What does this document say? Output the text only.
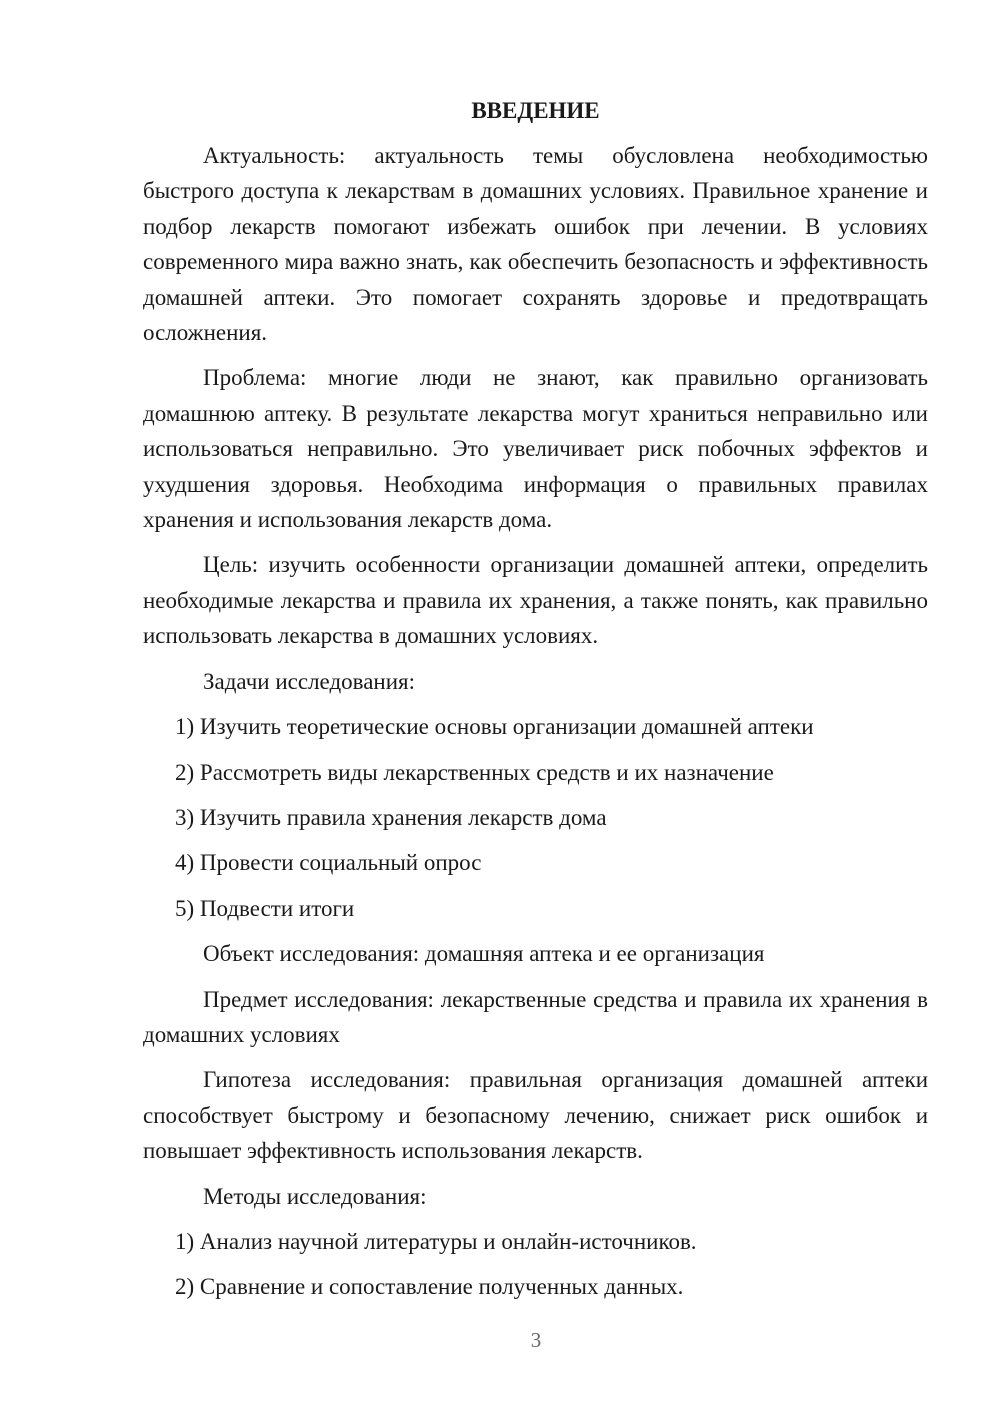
ВВЕДЕНИЕ

Актуальность: актуальность темы обусловлена необходимостью быстрого доступа к лекарствам в домашних условиях. Правильное хранение и подбор лекарств помогают избежать ошибок при лечении. В условиях современного мира важно знать, как обеспечить безопасность и эффективность домашней аптеки. Это помогает сохранять здоровье и предотвращать осложнения.

Проблема: многие люди не знают, как правильно организовать домашнюю аптеку. В результате лекарства могут храниться неправильно или использоваться неправильно. Это увеличивает риск побочных эффектов и ухудшения здоровья. Необходима информация о правильных правилах хранения и использования лекарств дома.

Цель: изучить особенности организации домашней аптеки, определить необходимые лекарства и правила их хранения, а также понять, как правильно использовать лекарства в домашних условиях.

Задачи исследования:

1) Изучить теоретические основы организации домашней аптеки
2) Рассмотреть виды лекарственных средств и их назначение
3) Изучить правила хранения лекарств дома
4) Провести социальный опрос
5) Подвести итоги

Объект исследования: домашняя аптека и ее организация

Предмет исследования: лекарственные средства и правила их хранения в домашних условиях

Гипотеза исследования: правильная организация домашней аптеки способствует быстрому и безопасному лечению, снижает риск ошибок и повышает эффективность использования лекарств.

Методы исследования:

1) Анализ научной литературы и онлайн-источников.
2) Сравнение и сопоставление полученных данных.
3
